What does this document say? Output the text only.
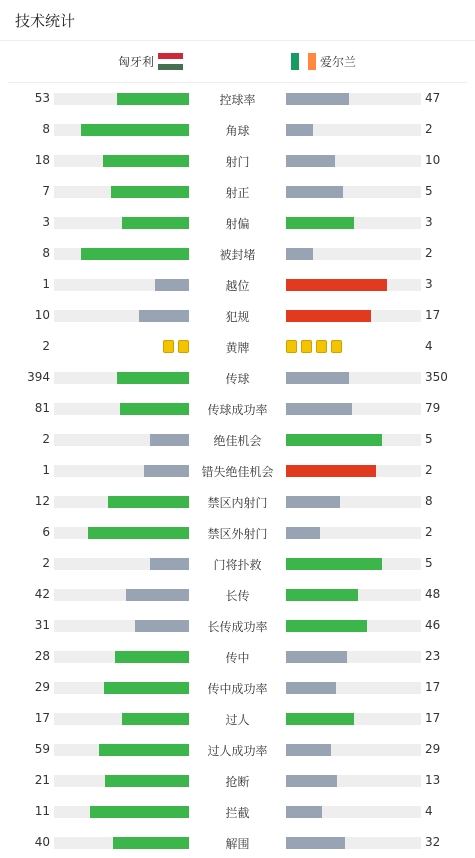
技术统计
匈牙利	爱尔兰
53	控球率	47
8	角球	2
18	射门	10
7	射正	5
3	射偏	3
8	被封堵	2
1	越位	3
10	犯规	17
2	黄牌	4
394	传球	350
81	传球成功率	79
2	绝佳机会	5
1	错失绝佳机会	2
12	禁区内射门	8
6	禁区外射门	2
2	门将扑救	5
42	长传	48
31	长传成功率	46
28	传中	23
29	传中成功率	17
17	过人	17
59	过人成功率	29
21	抢断	13
11	拦截	4
40	解围	32
